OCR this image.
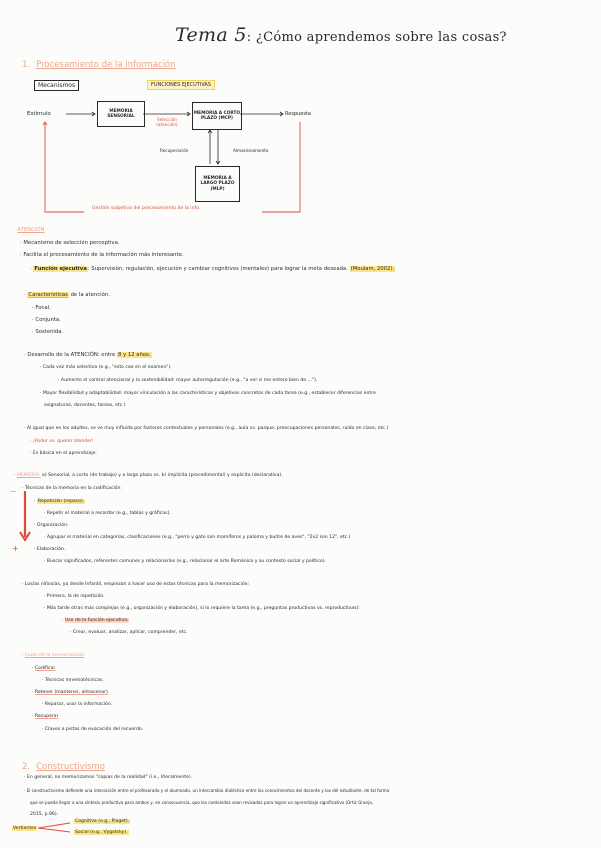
Tema 5: ¿Cómo aprendemos sobre las cosas?
1. Procesamiento de la información
Mecanismos	FUNCIONES EJECUTIVAS
Estímulo	MEMORIA SENSORIAL
MEMORIA A CORTO PLAZO (MCP)
MEMORIA A LARGO PLAZO (MLP)
Respuesta
Selección (atención)
Recuperación	Almacenamiento
Gestión subjetiva del procesamiento de la info.
· ATENCIÓN
· Mecanismo de selección perceptiva.
· Facilita el procesamiento de la información más interesante.
· Función ejecutiva: Supervisión, regulación, ejecución y cambiar cognitivos (mentales) para lograr la meta deseada. (Moulam, 2002).
· Características de la atención.
· Focal.
· Conjunta.
· Sostenida.
· Desarrollo de la ATENCIÓN: entre 8 y 12 años.
· Cada vez más selectiva (e.g., "esto cae en el examen").
· Aumento el control atencional y la sostenibilidad: mayor autorregulación (e.g., "a ver si me entero bien de ...").
· Mayor flexibilidad y adaptabilidad: mayor vinculación a las características y objetivos concretos de cada tarea (e.g., establecer diferencias entre
asignaturas, docentes, tareas, etc.)
· Al igual que en los adultos, se ve muy influida por factores contextuales y personales (e.g., aula vs. parque, preocupaciones personales, ruido en clase, etc.)
· ¡Poder vs. querer atender!
· Es básica en el aprendizaje.
· MEMORIA: a) Sensorial, a corto (de trabajo) y a largo plazo vs. b) implícita (procedimental) y explícita (declarativa).
· Técnicas de la memoria en la codificación
—
· Repetición (repaso).
· Repetir el material a recordar (e.g., tablas y gráficas).
· Organización.
· Agrupar el material en categorías, clasificaciones (e.g., "perro y gato son mamíferos y paloma y buitre de aves", "2x2 son 12", etc.)
+	· Elaboración.
· Buscar significados, referentes comunes y relacionarlos (e.g., relacionar el arte Románico y su contexto social y político).
· Los/as niños/as, ya desde Infantil, empiezan a hacer uso de estas técnicas para la memorización:
· Primero, la de repetición.
· Más tarde otras más complejas (e.g., organización y elaboración), si lo requiere la tarea (e.g., preguntas productivas vs. reproductivas):
· Uso de la función ejecutiva.
· Crear, evaluar, analizar, aplicar, comprender, etc.
· Fases de la memorización
· Codificar
· Técnicas mnemotécnicas.
· Retener (mantener, almacenar)
· Repasar, usar la información.
· Recuperar
· Claves o pistas de evocación del recuerdo.
2. Constructivismo
· En general, no memorizamos "copias de la realidad" (i.e., literalmente).
· El constructivismo defiende una interacción entre el profesorado y el alumnado, un intercambio dialéctico entre los conocimientos del docente y los del estudiante, de tal forma
que se pueda llegar a una síntesis productiva para ambos y, en consecuencia, que los contenidos sean revisados para lograr un aprendizaje significativo (Ortiz Granja,
2015, p.96).
Vertientes
Cognitiva (e.g., Piaget).
Social (e.g., Vygotsky).
